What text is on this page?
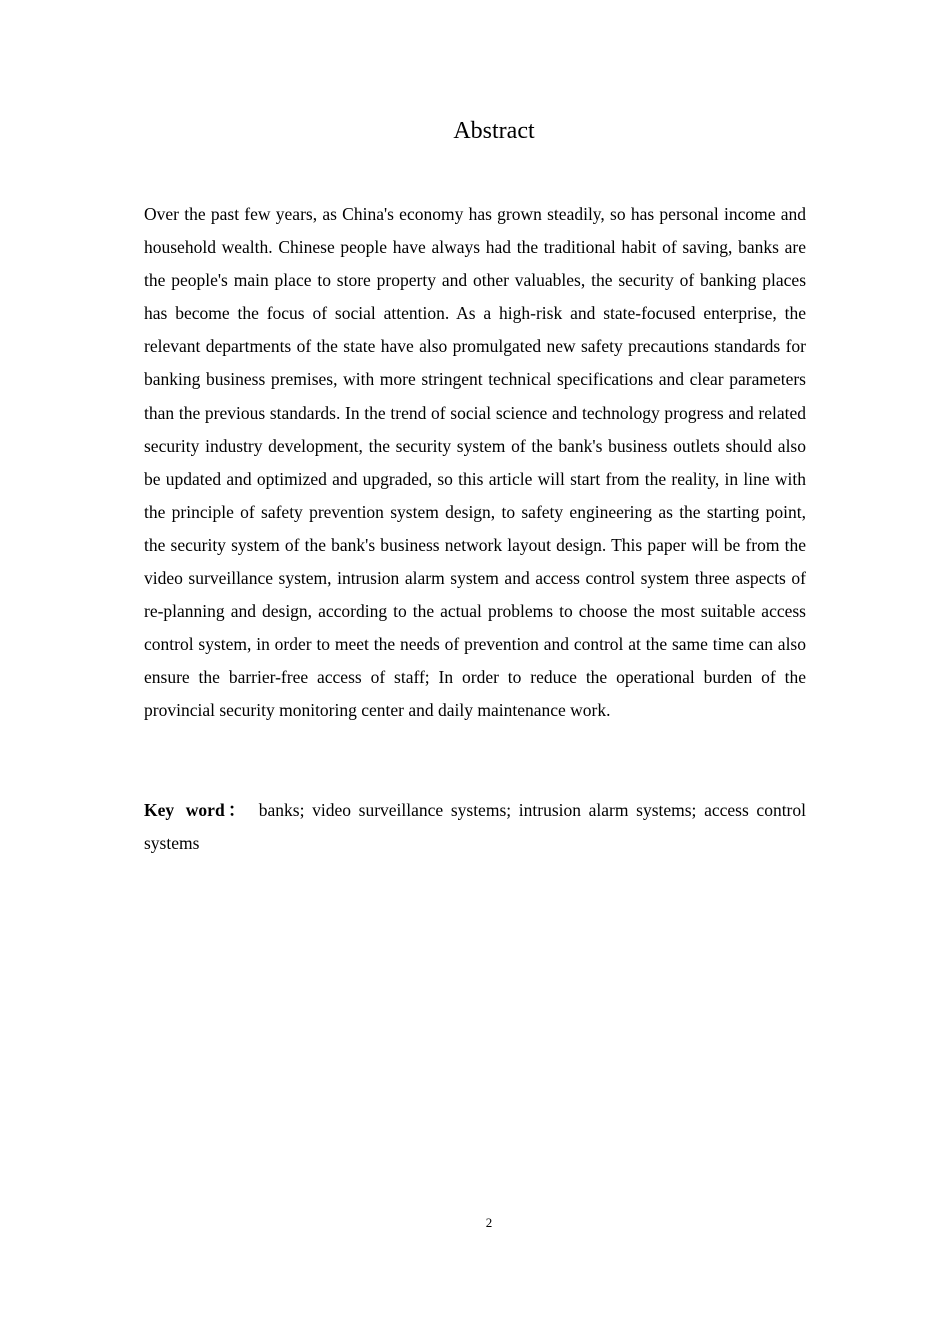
Abstract

Over the past few years, as China's economy has grown steadily, so has personal income and household wealth. Chinese people have always had the traditional habit of saving, banks are the people's main place to store property and other valuables, the security of banking places has become the focus of social attention. As a high-risk and state-focused enterprise, the relevant departments of the state have also promulgated new safety precautions standards for banking business premises, with more stringent technical specifications and clear parameters than the previous standards. In the trend of social science and technology progress and related security industry development, the security system of the bank's business outlets should also be updated and optimized and upgraded, so this article will start from the reality, in line with the principle of safety prevention system design, to safety engineering as the starting point, the security system of the bank's business network layout design. This paper will be from the video surveillance system, intrusion alarm system and access control system three aspects of re-planning and design, according to the actual problems to choose the most suitable access control system, in order to meet the needs of prevention and control at the same time can also ensure the barrier-free access of staff; In order to reduce the operational burden of the provincial security monitoring center and daily maintenance work.

Key word： banks; video surveillance systems; intrusion alarm systems; access control systems

2
